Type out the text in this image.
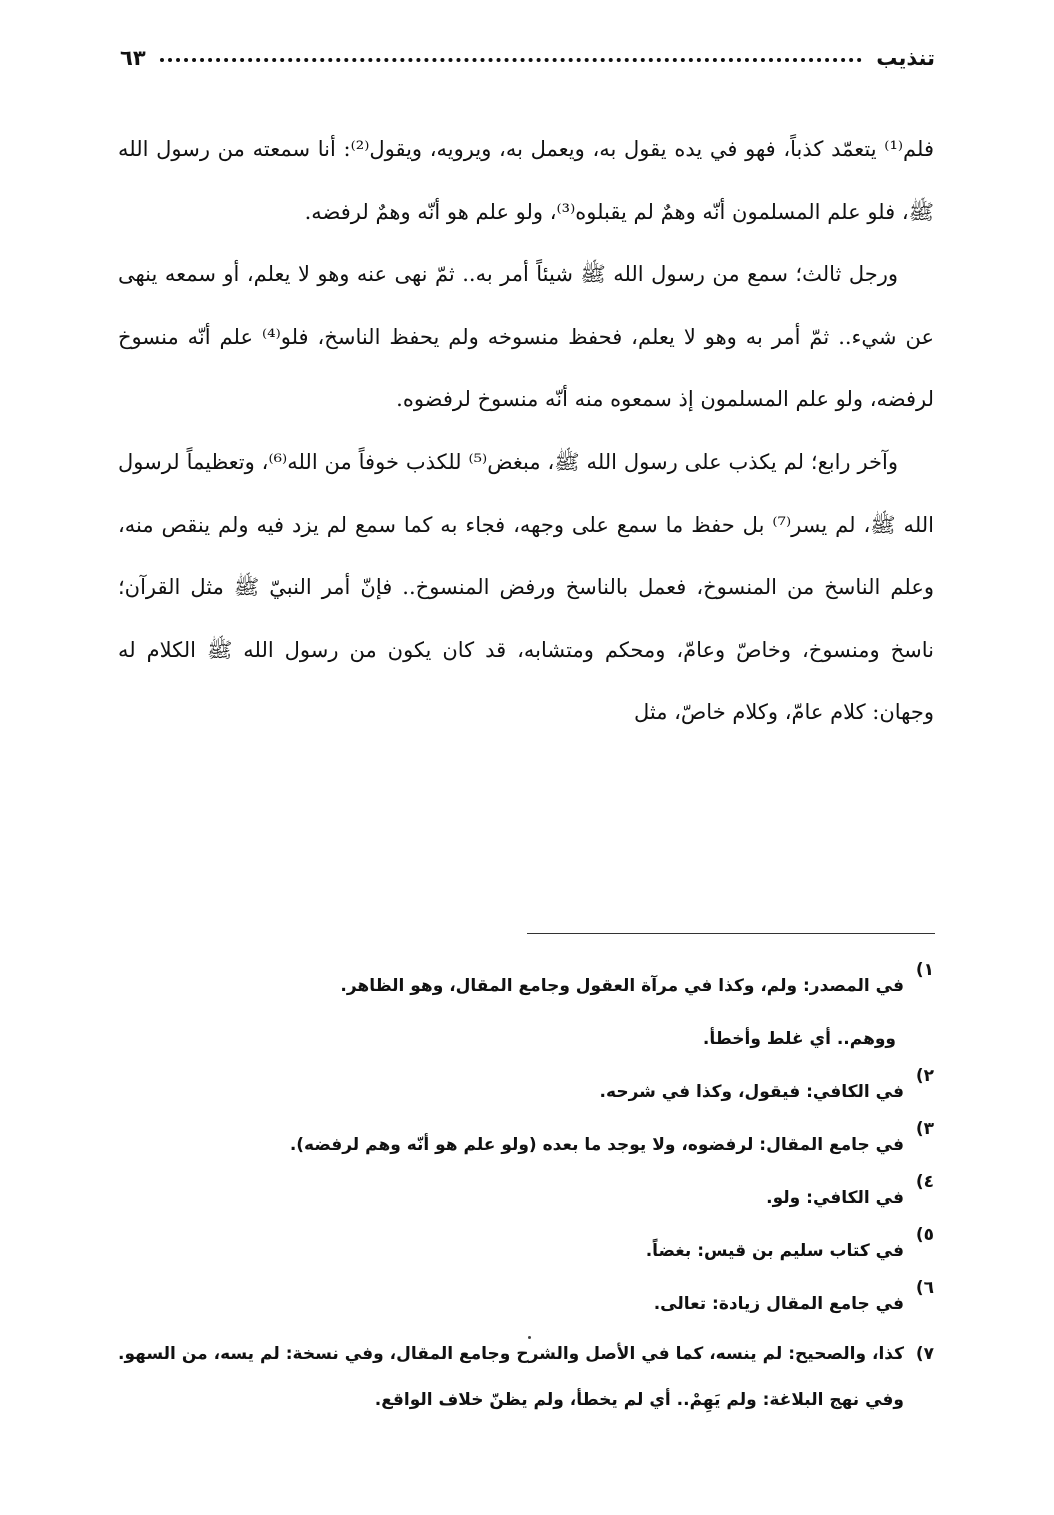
تنذيب
٦٣

فلم⁽¹⁾ يتعمّد كذباً، فهو في يده يقول به، ويعمل به، ويرويه، ويقول⁽²⁾: أنا سمعته من رسول الله ﷺ، فلو علم المسلمون أنّه وهمٌ لم يقبلوه⁽³⁾، ولو علم هو أنّه وهمٌ لرفضه.

ورجل ثالث؛ سمع من رسول الله ﷺ شيئاً أمر به.. ثمّ نهى عنه وهو لا يعلم، أو سمعه ينهى عن شيء.. ثمّ أمر به وهو لا يعلم، فحفظ منسوخه ولم يحفظ الناسخ، فلو⁽⁴⁾ علم أنّه منسوخ لرفضه، ولو علم المسلمون إذ سمعوه منه أنّه منسوخ لرفضوه.

وآخر رابع؛ لم يكذب على رسول الله ﷺ، مبغض⁽⁵⁾ للكذب خوفاً من الله⁽⁶⁾، وتعظيماً لرسول الله ﷺ، لم يسر⁽⁷⁾ بل حفظ ما سمع على وجهه، فجاء به كما سمع لم يزد فيه ولم ينقص منه، وعلم الناسخ من المنسوخ، فعمل بالناسخ ورفض المنسوخ.. فإنّ أمر النبيّ ﷺ مثل القرآن؛ ناسخ ومنسوخ، وخاصّ وعامّ، ومحكم ومتشابه، قد كان يكون من رسول الله ﷺ الكلام له وجهان: كلام عامّ، وكلام خاصّ، مثل

١)
في المصدر: ولم، وكذا في مرآة العقول وجامع المقال، وهو الظاهر.
ووهم.. أي غلط وأخطأ.
٢)
في الكافي: فيقول، وكذا في شرحه.
٣)
في جامع المقال: لرفضوه، ولا يوجد ما بعده (ولو علم هو أنّه وهم لرفضه).
٤)
في الكافي: ولو.
٥)
في كتاب سليم بن قيس: بغضاً.
٦)
في جامع المقال زيادة: تعالى.
٧)
كذا، والصحيح: لم ينسه، كما في الأصل والشرح وجامع المقال، وفي نسخة: لم يسه، من السهو. وفي نهج البلاغة: ولم يَهِمْ.. أي لم يخطأ، ولم يظنّ خلاف الواقع.
